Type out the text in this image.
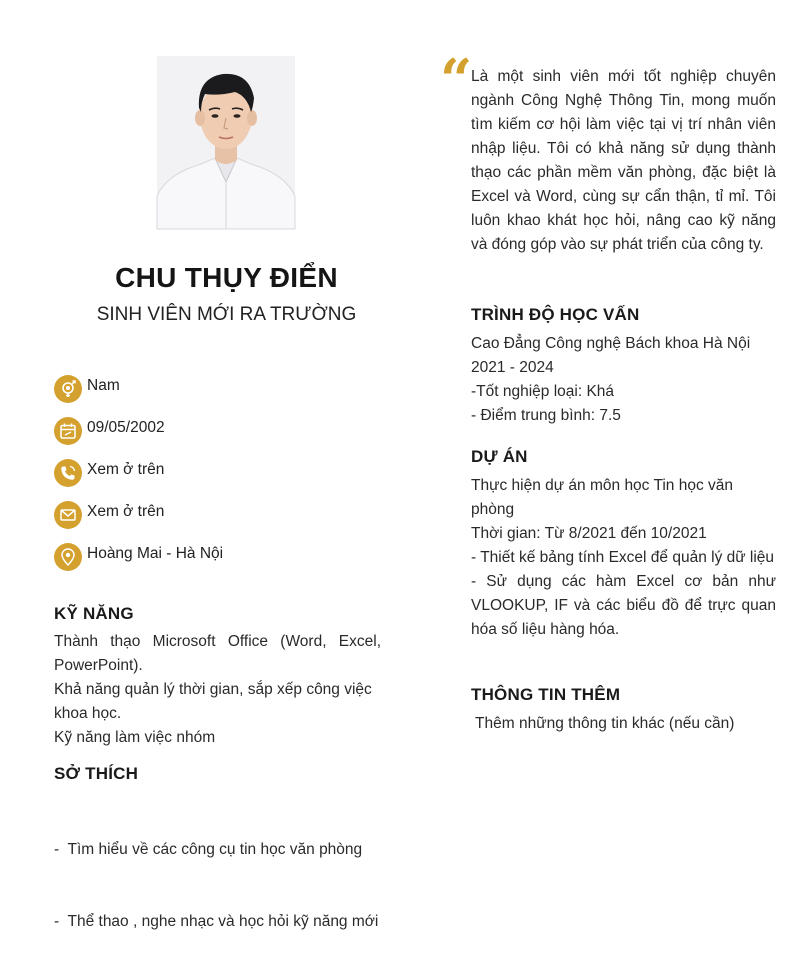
CHU THỤY ĐIỂN
SINH VIÊN MỚI RA TRƯỜNG
Nam
09/05/2002
Xem ở trên
Xem ở trên
Hoàng Mai - Hà Nội
KỸ NĂNG

Thành thạo Microsoft Office (Word, Excel, PowerPoint).

Khả năng quản lý thời gian, sắp xếp công việc khoa học.

Kỹ năng làm việc nhóm

SỞ THÍCH

-  Tìm hiểu về các công cụ tin học văn phòng

-  Thể thao , nghe nhạc và học hỏi kỹ năng mới

“
Là một sinh viên mới tốt nghiệp chuyên ngành Công Nghệ Thông Tin, mong muốn tìm kiếm cơ hội làm việc tại vị trí nhân viên nhập liệu. Tôi có khả năng sử dụng thành thạo các phần mềm văn phòng, đặc biệt là Excel và Word, cùng sự cẩn thận, tỉ mỉ. Tôi luôn khao khát học hỏi, nâng cao kỹ năng và đóng góp vào sự phát triển của công ty.
TRÌNH ĐỘ HỌC VẤN

Cao Đẳng Công nghệ Bách khoa Hà Nội

2021 - 2024

-Tốt nghiệp loại: Khá

- Điểm trung bình: 7.5

DỰ ÁN

Thực hiện dự án môn học Tin học văn phòng

Thời gian: Từ 8/2021 đến 10/2021

- Thiết kế bảng tính Excel để quản lý dữ liệu

- Sử dụng các hàm Excel cơ bản như VLOOKUP, IF và các biểu đồ để trực quan hóa số liệu hàng hóa.

THÔNG TIN THÊM
Thêm những thông tin khác (nếu cần)
